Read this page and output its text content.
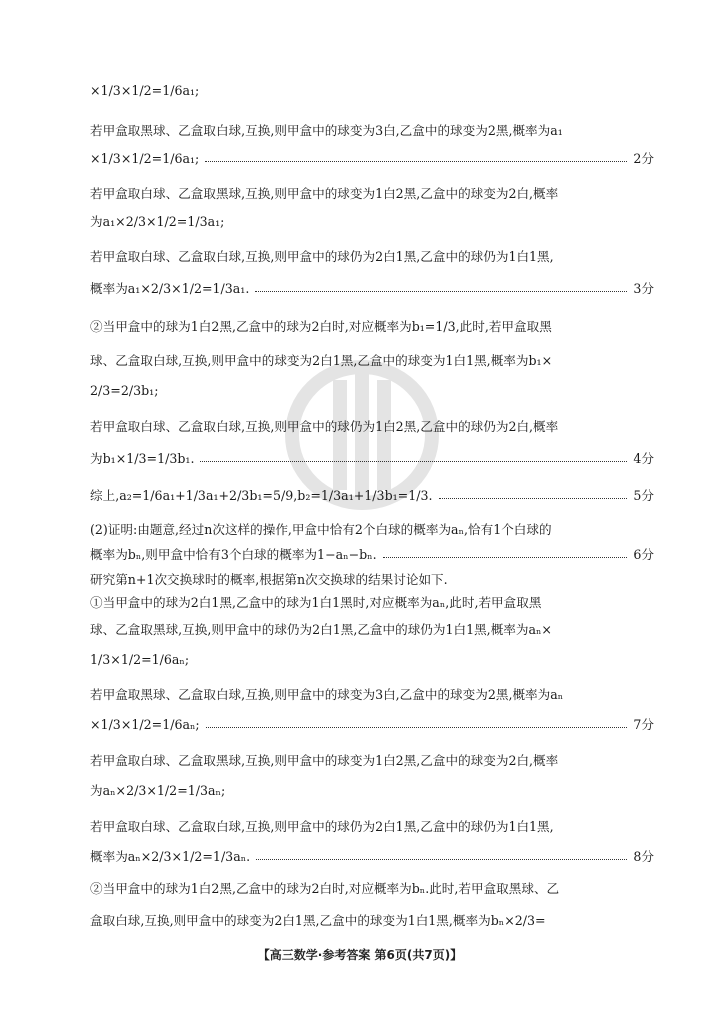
×1/3×1/2=1/6a₁;
若甲盒取黑球、乙盒取白球,互换,则甲盒中的球变为3白,乙盒中的球变为2黑,概率为a₁
×1/3×1/2=1/6a₁;	2分
若甲盒取白球、乙盒取黑球,互换,则甲盒中的球变为1白2黑,乙盒中的球变为2白,概率
为a₁×2/3×1/2=1/3a₁;
若甲盒取白球、乙盒取白球,互换,则甲盒中的球仍为2白1黑,乙盒中的球仍为1白1黑,
概率为a₁×2/3×1/2=1/3a₁.	3分
②当甲盒中的球为1白2黑,乙盒中的球为2白时,对应概率为b₁=1/3,此时,若甲盒取黑
球、乙盒取白球,互换,则甲盒中的球变为2白1黑,乙盒中的球变为1白1黑,概率为b₁×
2/3=2/3b₁;
若甲盒取白球、乙盒取白球,互换,则甲盒中的球仍为1白2黑,乙盒中的球仍为2白,概率
为b₁×1/3=1/3b₁.	4分
综上,a₂=1/6a₁+1/3a₁+2/3b₁=5/9,b₂=1/3a₁+1/3b₁=1/3.	5分
(2)证明:由题意,经过n次这样的操作,甲盒中恰有2个白球的概率为aₙ,恰有1个白球的
概率为bₙ,则甲盒中恰有3个白球的概率为1−aₙ−bₙ.	6分
研究第n+1次交换球时的概率,根据第n次交换球的结果讨论如下.
①当甲盒中的球为2白1黑,乙盒中的球为1白1黑时,对应概率为aₙ,此时,若甲盒取黑
球、乙盒取黑球,互换,则甲盒中的球仍为2白1黑,乙盒中的球仍为1白1黑,概率为aₙ×
1/3×1/2=1/6aₙ;
若甲盒取黑球、乙盒取白球,互换,则甲盒中的球变为3白,乙盒中的球变为2黑,概率为aₙ
×1/3×1/2=1/6aₙ;	7分
若甲盒取白球、乙盒取黑球,互换,则甲盒中的球变为1白2黑,乙盒中的球变为2白,概率
为aₙ×2/3×1/2=1/3aₙ;
若甲盒取白球、乙盒取白球,互换,则甲盒中的球仍为2白1黑,乙盒中的球仍为1白1黑,
概率为aₙ×2/3×1/2=1/3aₙ.	8分
②当甲盒中的球为1白2黑,乙盒中的球为2白时,对应概率为bₙ.此时,若甲盒取黑球、乙
盒取白球,互换,则甲盒中的球变为2白1黑,乙盒中的球变为1白1黑,概率为bₙ×2/3=
【高三数学·参考答案 第6页(共7页)】
